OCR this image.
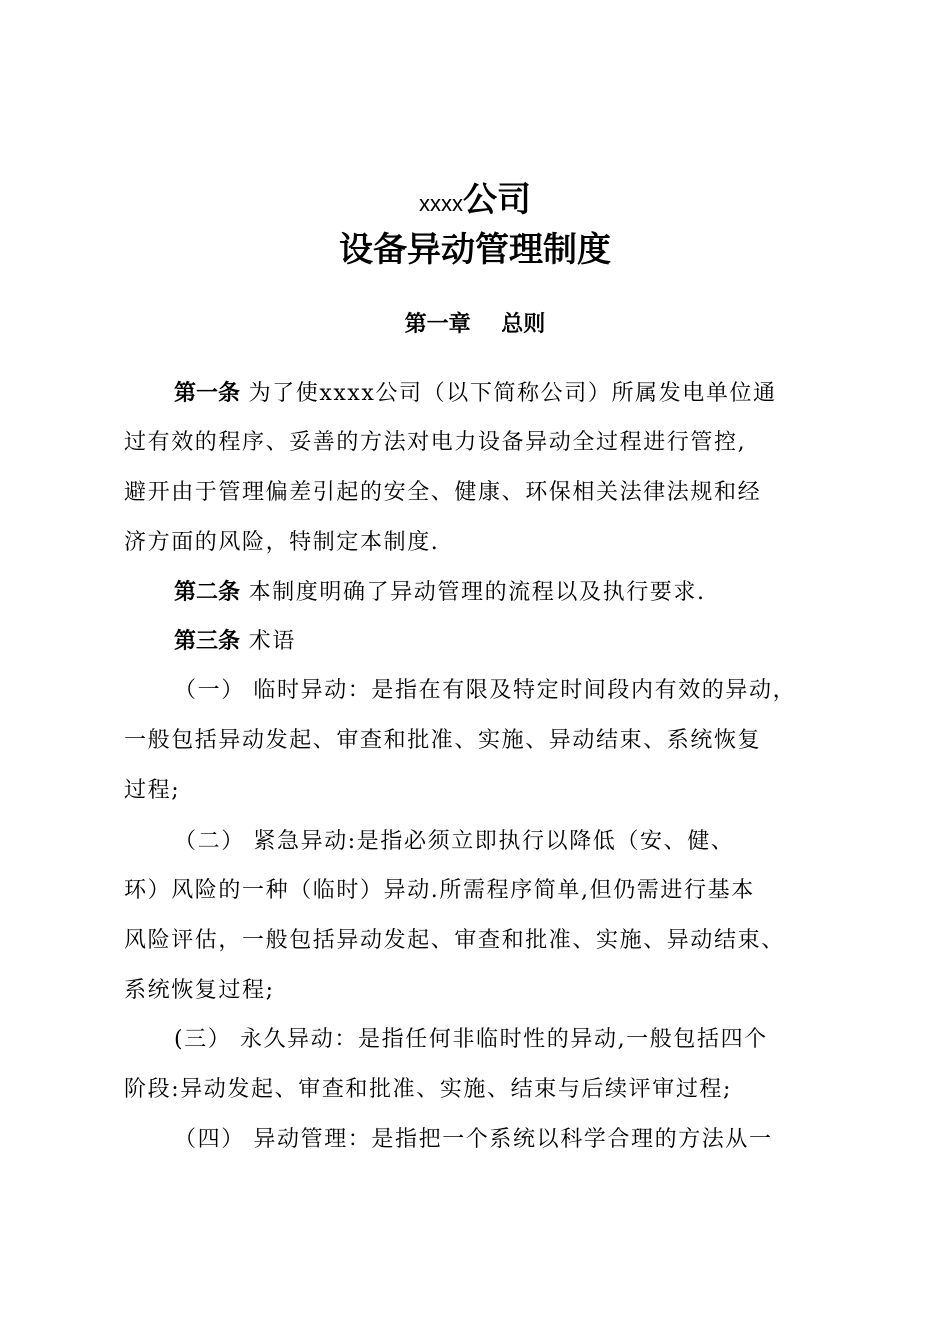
xxxx公司
设备异动管理制度
第一章    总则
第一条 为了使xxxx公司（以下简称公司）所属发电单位通
过有效的程序、妥善的方法对电力设备异动全过程进行管控,
避开由于管理偏差引起的安全、健康、环保相关法律法规和经
济方面的风险，特制定本制度.
第二条 本制度明确了异动管理的流程以及执行要求.
第三条 术语
（一） 临时异动：是指在有限及特定时间段内有效的异动，
一般包括异动发起、审查和批准、实施、异动结束、系统恢复
过程;
（二） 紧急异动:是指必须立即执行以降低（安、健、
环）风险的一种（临时）异动.所需程序简单,但仍需进行基本
风险评估，一般包括异动发起、审查和批准、实施、异动结束、
系统恢复过程;
(三） 永久异动：是指任何非临时性的异动,一般包括四个
阶段:异动发起、审查和批准、实施、结束与后续评审过程;
（四） 异动管理：是指把一个系统以科学合理的方法从一
